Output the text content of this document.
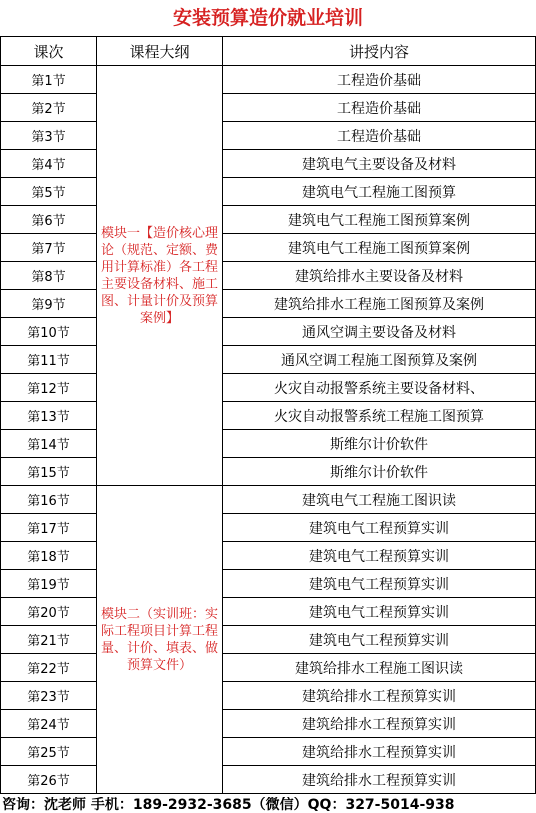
安装预算造价就业培训
课次	课程大纲	讲授内容
第1节	模块一【造价核心理论（规范、定额、费用计算标准）各工程主要设备材料、施工图、计量计价及预算案例】	工程造价基础
第2节		工程造价基础
第3节		工程造价基础
第4节		建筑电气主要设备及材料
第5节		建筑电气工程施工图预算
第6节		建筑电气工程施工图预算案例
第7节		建筑电气工程施工图预算案例
第8节		建筑给排水主要设备及材料
第9节		建筑给排水工程施工图预算及案例
第10节		通风空调主要设备及材料
第11节		通风空调工程施工图预算及案例
第12节		火灾自动报警系统主要设备材料、
第13节		火灾自动报警系统工程施工图预算
第14节		斯维尔计价软件
第15节		斯维尔计价软件
第16节	模块二（实训班：实际工程项目计算工程量、计价、填表、做预算文件）	建筑电气工程施工图识读
第17节		建筑电气工程预算实训
第18节		建筑电气工程预算实训
第19节		建筑电气工程预算实训
第20节		建筑电气工程预算实训
第21节		建筑电气工程预算实训
第22节		建筑给排水工程施工图识读
第23节		建筑给排水工程预算实训
第24节		建筑给排水工程预算实训
第25节		建筑给排水工程预算实训
第26节		建筑给排水工程预算实训
咨询：沈老师 手机：189-2932-3685（微信）QQ：327-5014-938
